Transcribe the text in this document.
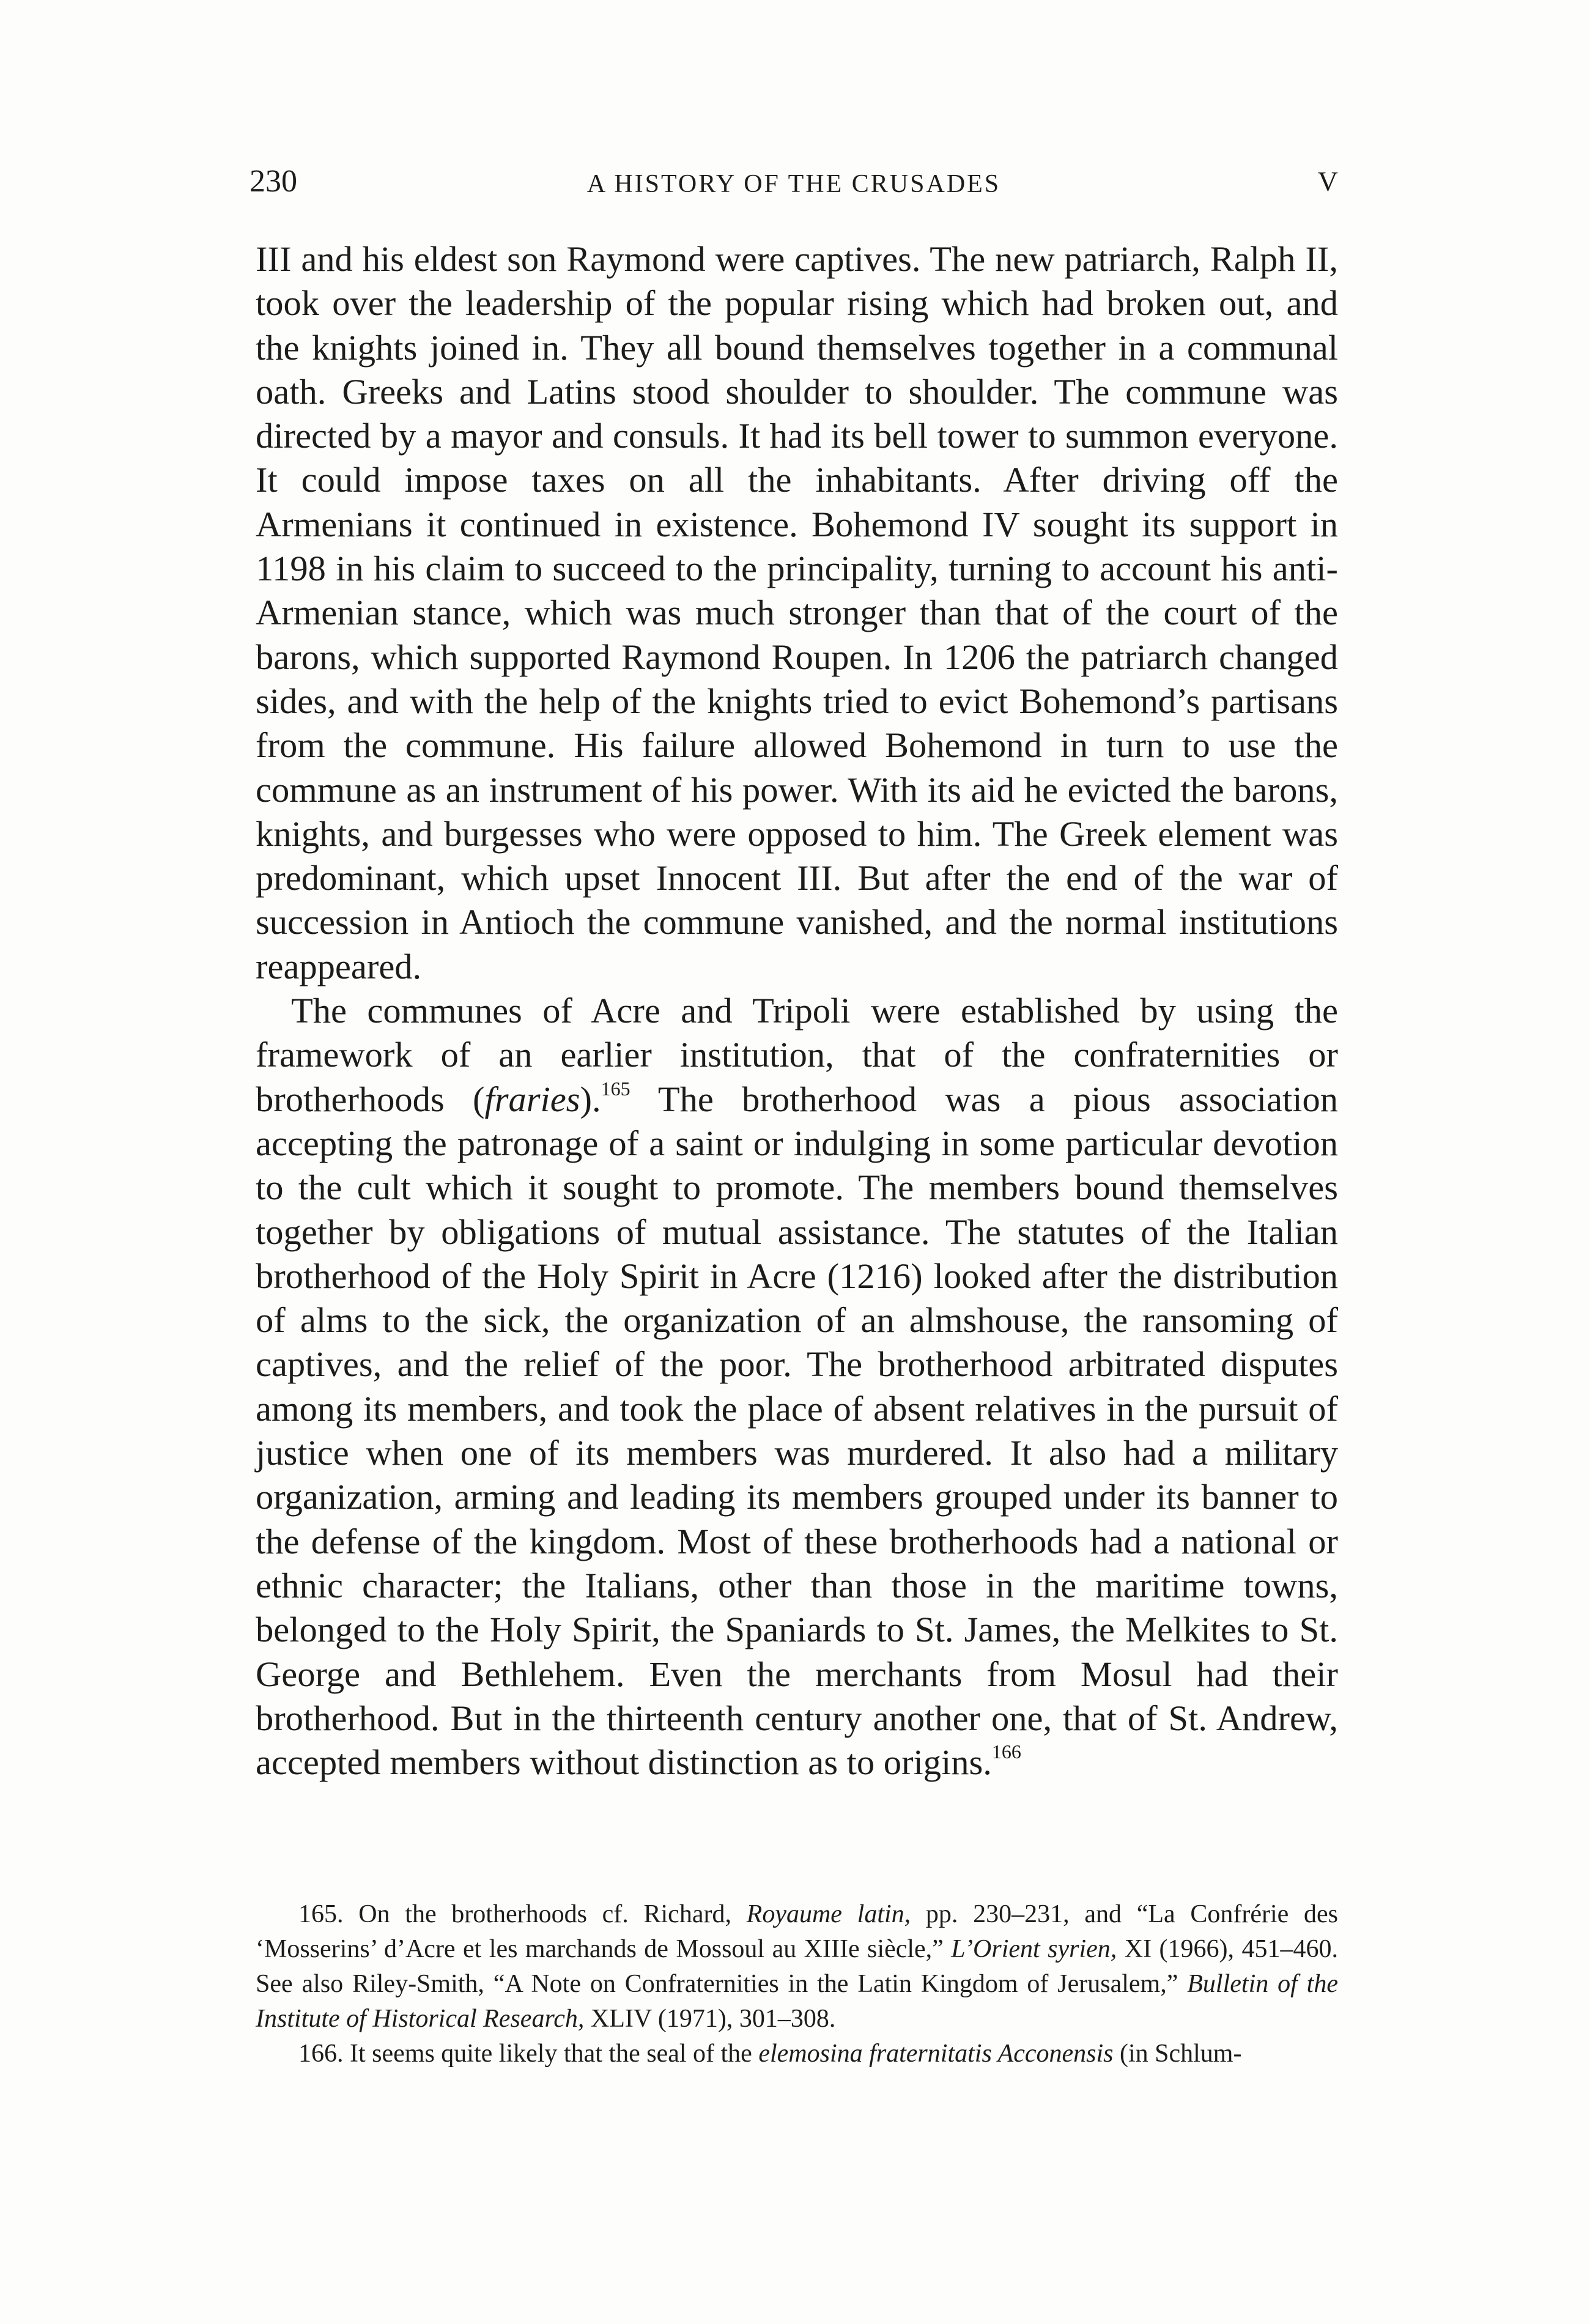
230	A HISTORY OF THE CRUSADES	V

III and his eldest son Raymond were captives. The new patriarch, Ralph II, took over the leadership of the popular rising which had broken out, and the knights joined in. They all bound themselves together in a communal oath. Greeks and Latins stood shoulder to shoulder. The commune was directed by a mayor and consuls. It had its bell tower to summon everyone. It could impose taxes on all the inhabitants. After driving off the Armenians it continued in existence. Bohemond IV sought its support in 1198 in his claim to succeed to the principality, turning to account his anti-Armenian stance, which was much stronger than that of the court of the barons, which supported Raymond Roupen. In 1206 the patriarch changed sides, and with the help of the knights tried to evict Bohemond’s partisans from the commune. His failure allowed Bohemond in turn to use the commune as an instrument of his power. With its aid he evicted the barons, knights, and burgesses who were opposed to him. The Greek element was predominant, which upset Innocent III. But after the end of the war of succession in Antioch the commune vanished, and the normal institutions reappeared.

The communes of Acre and Tripoli were established by using the framework of an earlier institution, that of the confraternities or brotherhoods (fraries).$^{165}$ The brotherhood was a pious association accepting the patronage of a saint or indulging in some particular devotion to the cult which it sought to promote. The members bound themselves together by obligations of mutual assistance. The statutes of the Italian brotherhood of the Holy Spirit in Acre (1216) looked after the distribution of alms to the sick, the organization of an almshouse, the ransoming of captives, and the relief of the poor. The brotherhood arbitrated disputes among its members, and took the place of absent relatives in the pursuit of justice when one of its members was murdered. It also had a military organization, arming and leading its members grouped under its banner to the defense of the kingdom. Most of these brotherhoods had a national or ethnic character; the Italians, other than those in the maritime towns, belonged to the Holy Spirit, the Spaniards to St. James, the Melkites to St. George and Bethlehem. Even the merchants from Mosul had their brotherhood. But in the thirteenth century another one, that of St. Andrew, accepted members without distinction as to origins.$^{166}$

165. On the brotherhoods cf. Richard, Royaume latin, pp. 230–231, and “La Confrérie des ‘Mosserins’ d’Acre et les marchands de Mossoul au XIIIe siècle,” L’Orient syrien, XI (1966), 451–460. See also Riley-Smith, “A Note on Confraternities in the Latin Kingdom of Jerusalem,” Bulletin of the Institute of Historical Research, XLIV (1971), 301–308.

166. It seems quite likely that the seal of the elemosina fraternitatis Acconensis (in Schlum-
